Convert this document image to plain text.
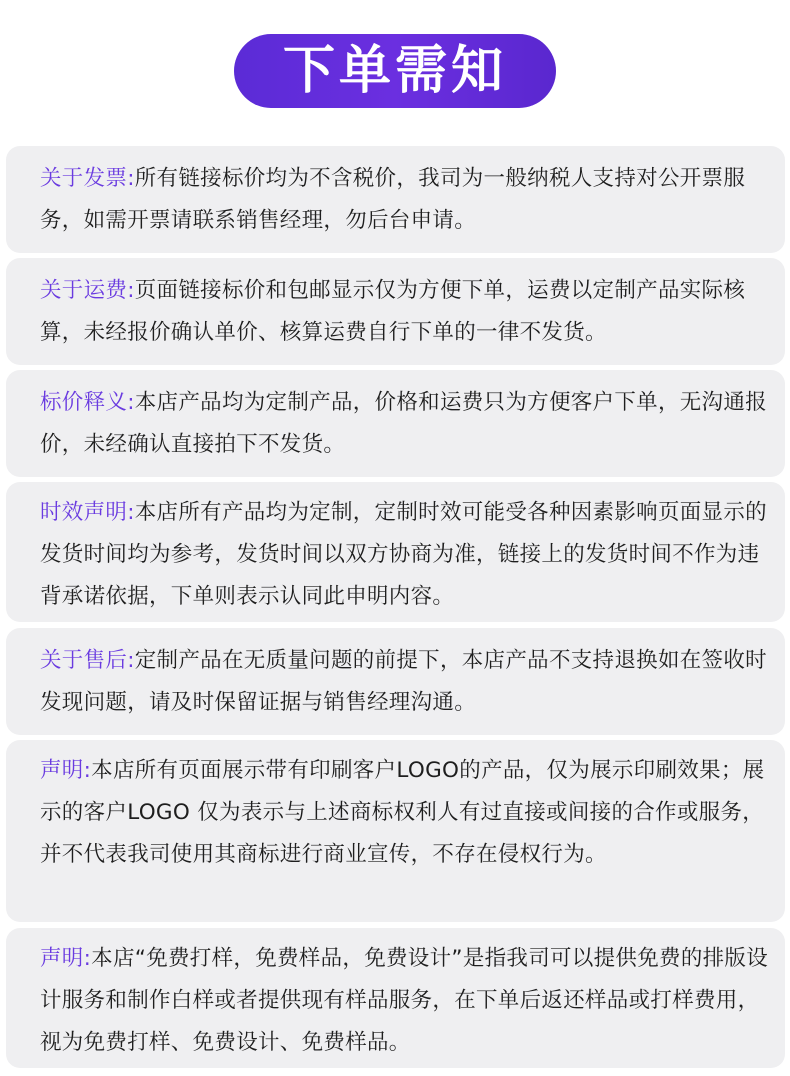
下单需知

关于发票:所有链接标价均为不含税价，我司为一般纳税人支持对公开票服务，如需开票请联系销售经理，勿后台申请。

关于运费:页面链接标价和包邮显示仅为方便下单，运费以定制产品实际核算，未经报价确认单价、核算运费自行下单的一律不发货。

标价释义:本店产品均为定制产品，价格和运费只为方便客户下单，无沟通报价，未经确认直接拍下不发货。

时效声明:本店所有产品均为定制，定制时效可能受各种因素影响页面显示的发货时间均为参考，发货时间以双方协商为准，链接上的发货时间不作为违背承诺依据，下单则表示认同此申明内容。

关于售后:定制产品在无质量问题的前提下，本店产品不支持退换如在签收时发现问题，请及时保留证据与销售经理沟通。

声明:本店所有页面展示带有印刷客户LOGO的产品，仅为展示印刷效果；展示的客户LOGO 仅为表示与上述商标权利人有过直接或间接的合作或服务，并不代表我司使用其商标进行商业宣传，不存在侵权行为。

声明:本店“免费打样，免费样品，免费设计”是指我司可以提供免费的排版设计服务和制作白样或者提供现有样品服务，在下单后返还样品或打样费用，视为免费打样、免费设计、免费样品。
